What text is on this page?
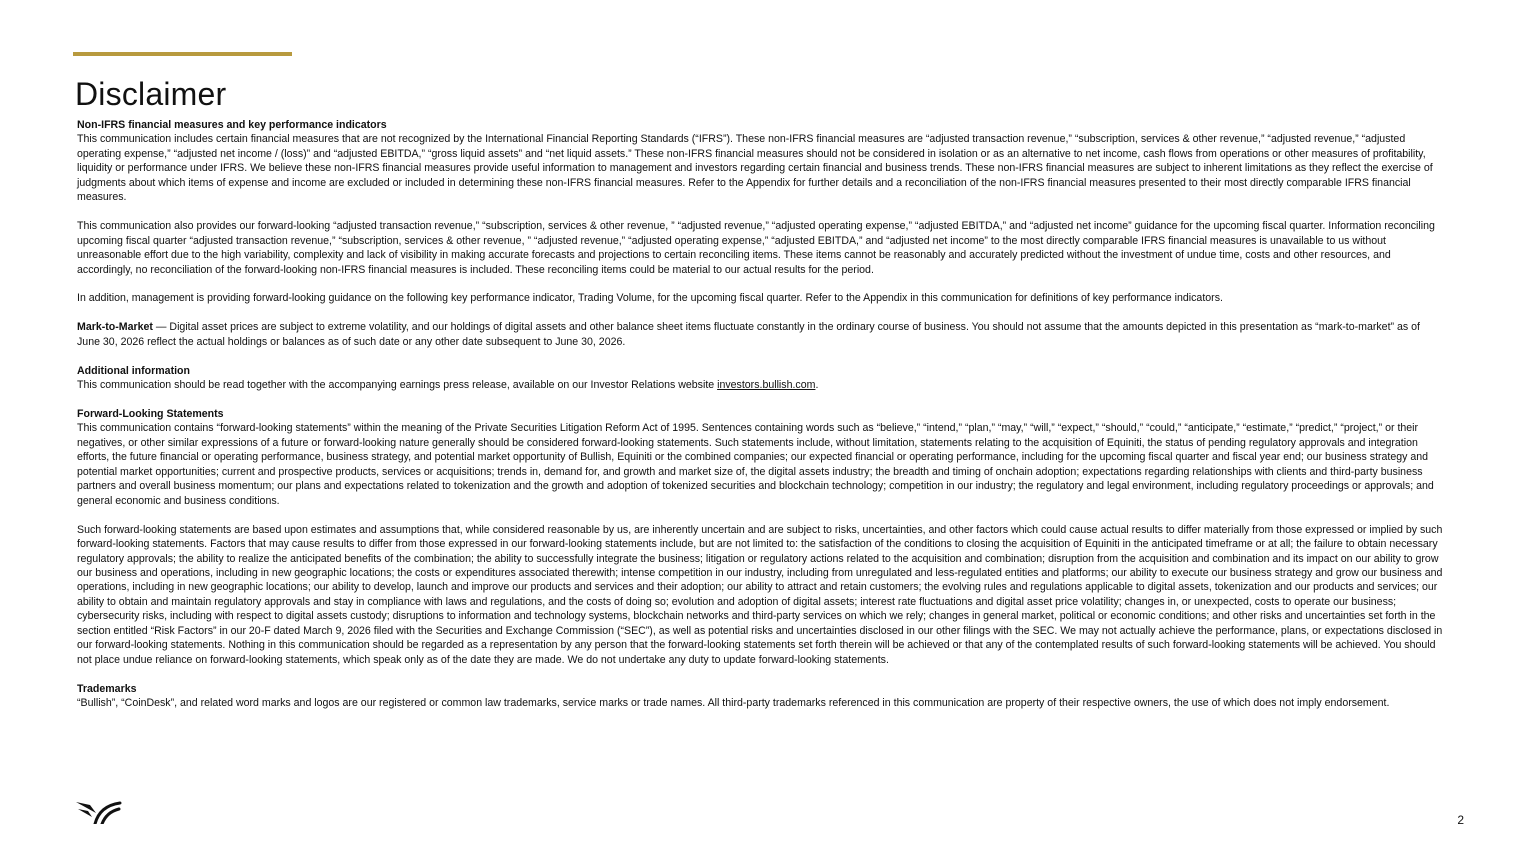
Disclaimer
Non-IFRS financial measures and key performance indicators

This communication includes certain financial measures that are not recognized by the International Financial Reporting Standards (“IFRS”). These non-IFRS financial measures are “adjusted transaction revenue,” “subscription, services & other revenue,” “adjusted revenue,” “adjusted operating expense,” “adjusted net income / (loss)” and “adjusted EBITDA,” “gross liquid assets” and “net liquid assets.” These non-IFRS financial measures should not be considered in isolation or as an alternative to net income, cash flows from operations or other measures of profitability, liquidity or performance under IFRS. We believe these non-IFRS financial measures provide useful information to management and investors regarding certain financial and business trends. These non-IFRS financial measures are subject to inherent limitations as they reflect the exercise of judgments about which items of expense and income are excluded or included in determining these non-IFRS financial measures. Refer to the Appendix for further details and a reconciliation of the non-IFRS financial measures presented to their most directly comparable IFRS financial measures.

This communication also provides our forward-looking “adjusted transaction revenue,” “subscription, services & other revenue, ” “adjusted revenue,” “adjusted operating expense,” “adjusted EBITDA,” and “adjusted net income” guidance for the upcoming fiscal quarter. Information reconciling upcoming fiscal quarter “adjusted transaction revenue,” “subscription, services & other revenue, ” “adjusted revenue,” “adjusted operating expense,” “adjusted EBITDA,” and “adjusted net income” to the most directly comparable IFRS financial measures is unavailable to us without unreasonable effort due to the high variability, complexity and lack of visibility in making accurate forecasts and projections to certain reconciling items. These items cannot be reasonably and accurately predicted without the investment of undue time, costs and other resources, and accordingly, no reconciliation of the forward-looking non-IFRS financial measures is included. These reconciling items could be material to our actual results for the period.

In addition, management is providing forward-looking guidance on the following key performance indicator, Trading Volume, for the upcoming fiscal quarter. Refer to the Appendix in this communication for definitions of key performance indicators.

Mark-to-Market — Digital asset prices are subject to extreme volatility, and our holdings of digital assets and other balance sheet items fluctuate constantly in the ordinary course of business. You should not assume that the amounts depicted in this presentation as “mark-to-market” as of June 30, 2026 reflect the actual holdings or balances as of such date or any other date subsequent to June 30, 2026.
Additional information
This communication should be read together with the accompanying earnings press release, available on our Investor Relations website investors.bullish.com.
Forward-Looking Statements

This communication contains “forward-looking statements” within the meaning of the Private Securities Litigation Reform Act of 1995. Sentences containing words such as “believe,” “intend,” “plan,” “may,” “will,” “expect,” “should,” “could,” “anticipate,” “estimate,” “predict,” “project,” or their negatives, or other similar expressions of a future or forward-looking nature generally should be considered forward-looking statements. Such statements include, without limitation, statements relating to the acquisition of Equiniti, the status of pending regulatory approvals and integration efforts, the future financial or operating performance, business strategy, and potential market opportunity of Bullish, Equiniti or the combined companies; our expected financial or operating performance, including for the upcoming fiscal quarter and fiscal year end; our business strategy and potential market opportunities; current and prospective products, services or acquisitions; trends in, demand for, and growth and market size of, the digital assets industry; the breadth and timing of onchain adoption; expectations regarding relationships with clients and third-party business partners and overall business momentum; our plans and expectations related to tokenization and the growth and adoption of tokenized securities and blockchain technology; competition in our industry; the regulatory and legal environment, including regulatory proceedings or approvals; and general economic and business conditions.

Such forward-looking statements are based upon estimates and assumptions that, while considered reasonable by us, are inherently uncertain and are subject to risks, uncertainties, and other factors which could cause actual results to differ materially from those expressed or implied by such forward-looking statements. Factors that may cause results to differ from those expressed in our forward-looking statements include, but are not limited to: the satisfaction of the conditions to closing the acquisition of Equiniti in the anticipated timeframe or at all; the failure to obtain necessary regulatory approvals; the ability to realize the anticipated benefits of the combination; the ability to successfully integrate the business; litigation or regulatory actions related to the acquisition and combination; disruption from the acquisition and combination and its impact on our ability to grow our business and operations, including in new geographic locations; the costs or expenditures associated therewith; intense competition in our industry, including from unregulated and less-regulated entities and platforms; our ability to execute our business strategy and grow our business and operations, including in new geographic locations; our ability to develop, launch and improve our products and services and their adoption; our ability to attract and retain customers; the evolving rules and regulations applicable to digital assets, tokenization and our products and services; our ability to obtain and maintain regulatory approvals and stay in compliance with laws and regulations, and the costs of doing so; evolution and adoption of digital assets; interest rate fluctuations and digital asset price volatility; changes in, or unexpected, costs to operate our business; cybersecurity risks, including with respect to digital assets custody; disruptions to information and technology systems, blockchain networks and third-party services on which we rely; changes in general market, political or economic conditions; and other risks and uncertainties set forth in the section entitled “Risk Factors” in our 20-F dated March 9, 2026 filed with the Securities and Exchange Commission (“SEC”), as well as potential risks and uncertainties disclosed in our other filings with the SEC. We may not actually achieve the performance, plans, or expectations disclosed in our forward-looking statements. Nothing in this communication should be regarded as a representation by any person that the forward-looking statements set forth therein will be achieved or that any of the contemplated results of such forward-looking statements will be achieved. You should not place undue reliance on forward-looking statements, which speak only as of the date they are made. We do not undertake any duty to update forward-looking statements.

Trademarks
“Bullish”, “CoinDesk”, and related word marks and logos are our registered or common law trademarks, service marks or trade names. All third-party trademarks referenced in this communication are property of their respective owners, the use of which does not imply endorsement.
2
